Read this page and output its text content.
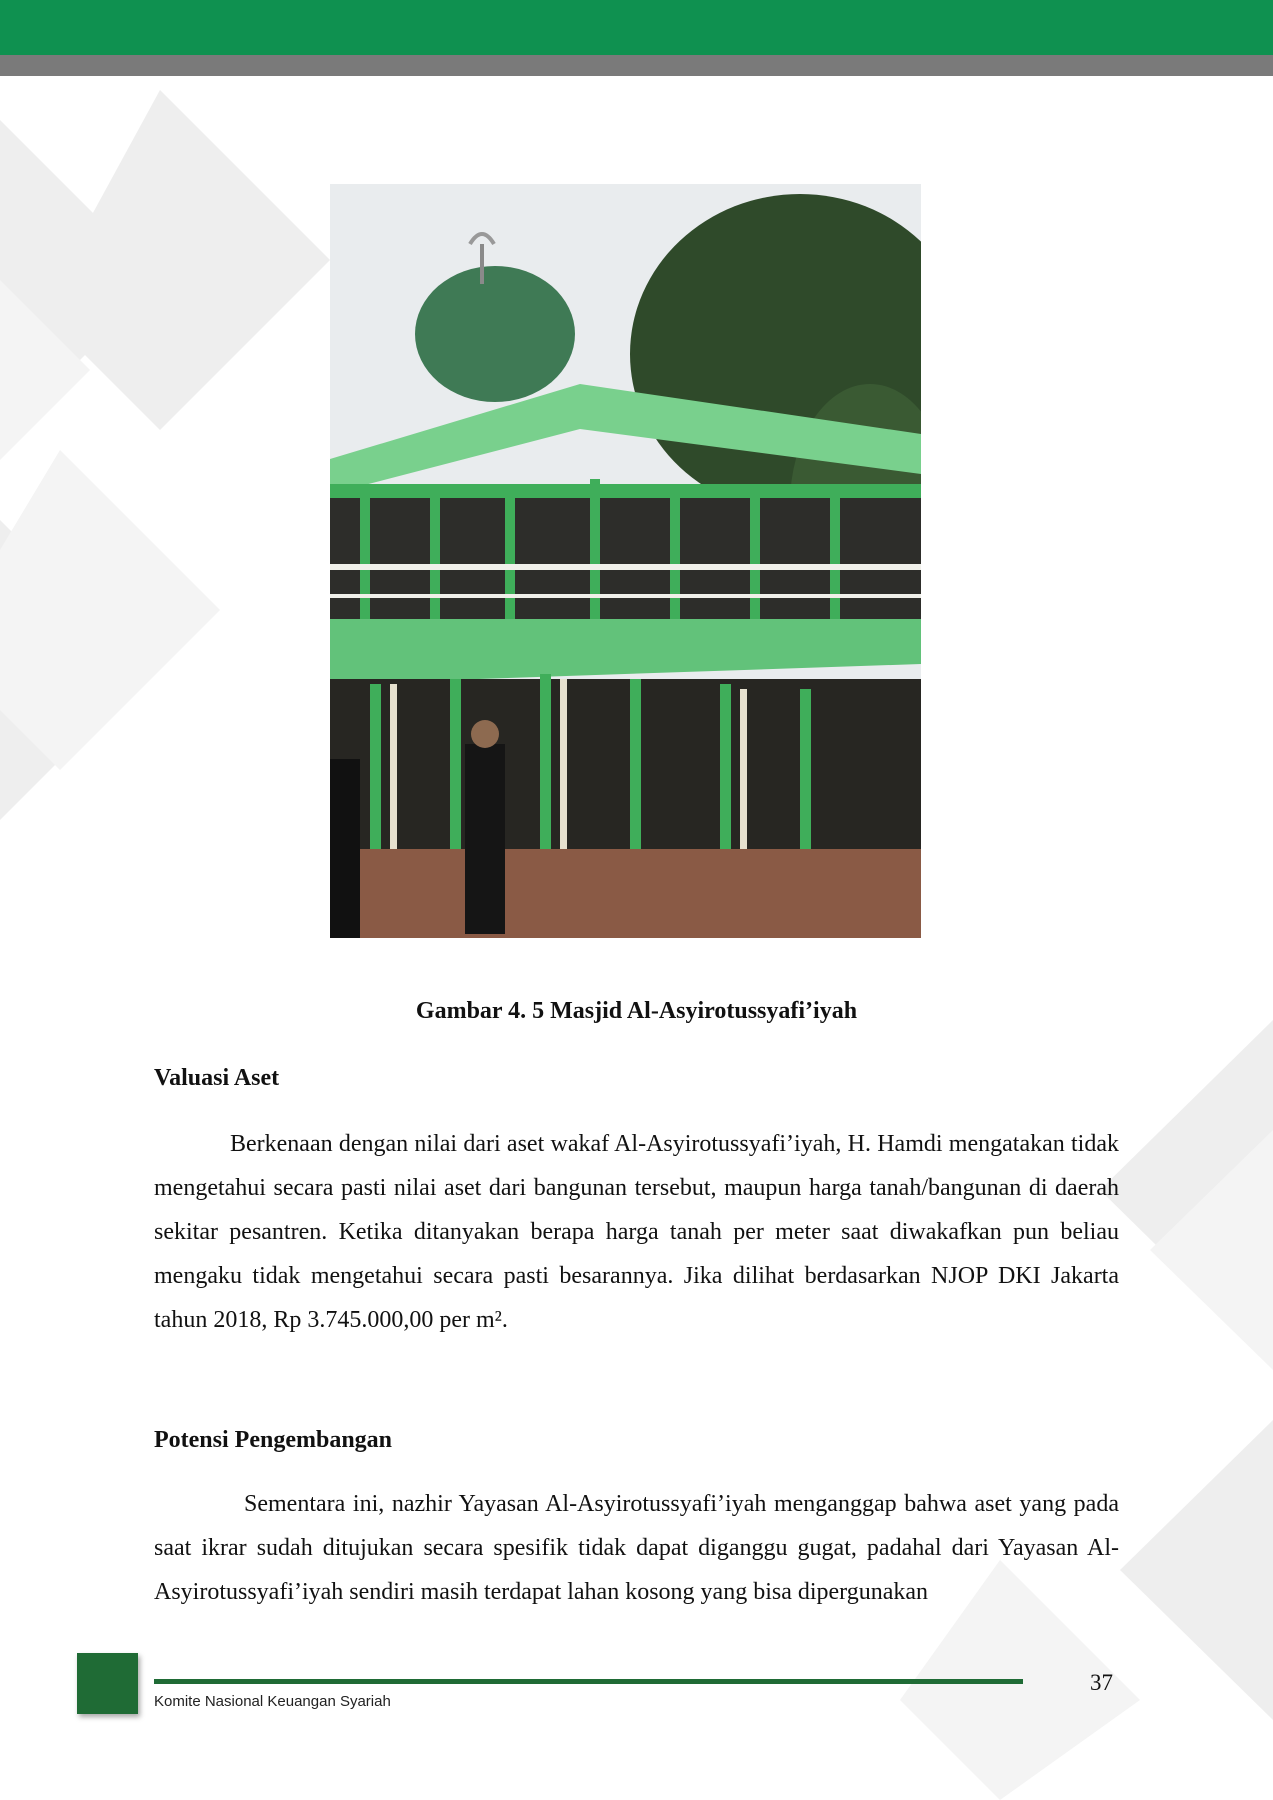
Gambar 4. 5 Masjid Al-Asyirotussyafi’iyah
Valuasi Aset

Berkenaan dengan nilai dari aset wakaf Al-Asyirotussyafi’iyah, H. Hamdi mengatakan tidak mengetahui secara pasti nilai aset dari bangunan tersebut, maupun harga tanah/bangunan di daerah sekitar pesantren. Ketika ditanyakan berapa harga tanah per meter saat diwakafkan pun beliau mengaku tidak mengetahui secara pasti besarannya. Jika dilihat berdasarkan NJOP DKI Jakarta tahun 2018, Rp 3.745.000,00 per m².

Potensi Pengembangan

Sementara ini, nazhir Yayasan Al-Asyirotussyafi’iyah menganggap bahwa aset yang pada saat ikrar sudah ditujukan secara spesifik tidak dapat diganggu gugat, padahal dari Yayasan Al-Asyirotussyafi’iyah sendiri masih terdapat lahan kosong yang bisa dipergunakan

Komite Nasional Keuangan Syariah
37
